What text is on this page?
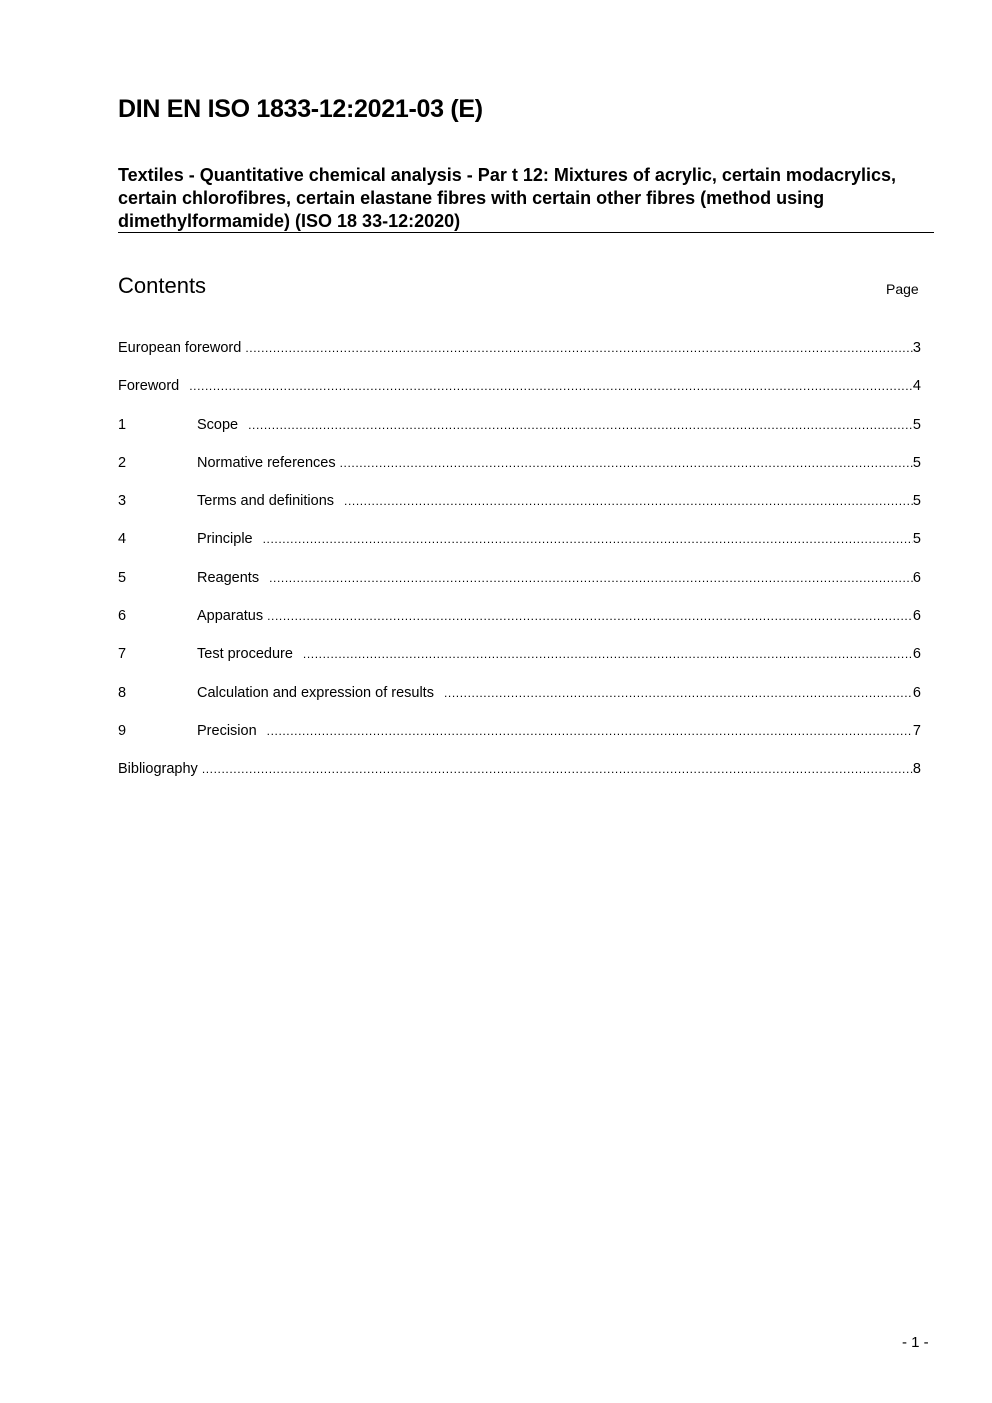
DIN EN ISO 1833-12:2021-03 (E)

Textiles - Quantitative chemical analysis - Par t 12: Mixtures of acrylic, certain modacrylics, certain chlorofibres, certain elastane fibres with certain other fibres (method using dimethylformamide) (ISO 18 33-12:2020)

Contents	Page
European foreword .....	3
Foreword .....	4
1	Scope .....	5
2	Normative references .....	5
3	Terms and definitions .....	5
4	Principle .....	5
5	Reagents .....	6
6	Apparatus .....	6
7	Test procedure .....	6
8	Calculation and expression of results .....	6
9	Precision .....	7
Bibliography .....	8
- 1 -
